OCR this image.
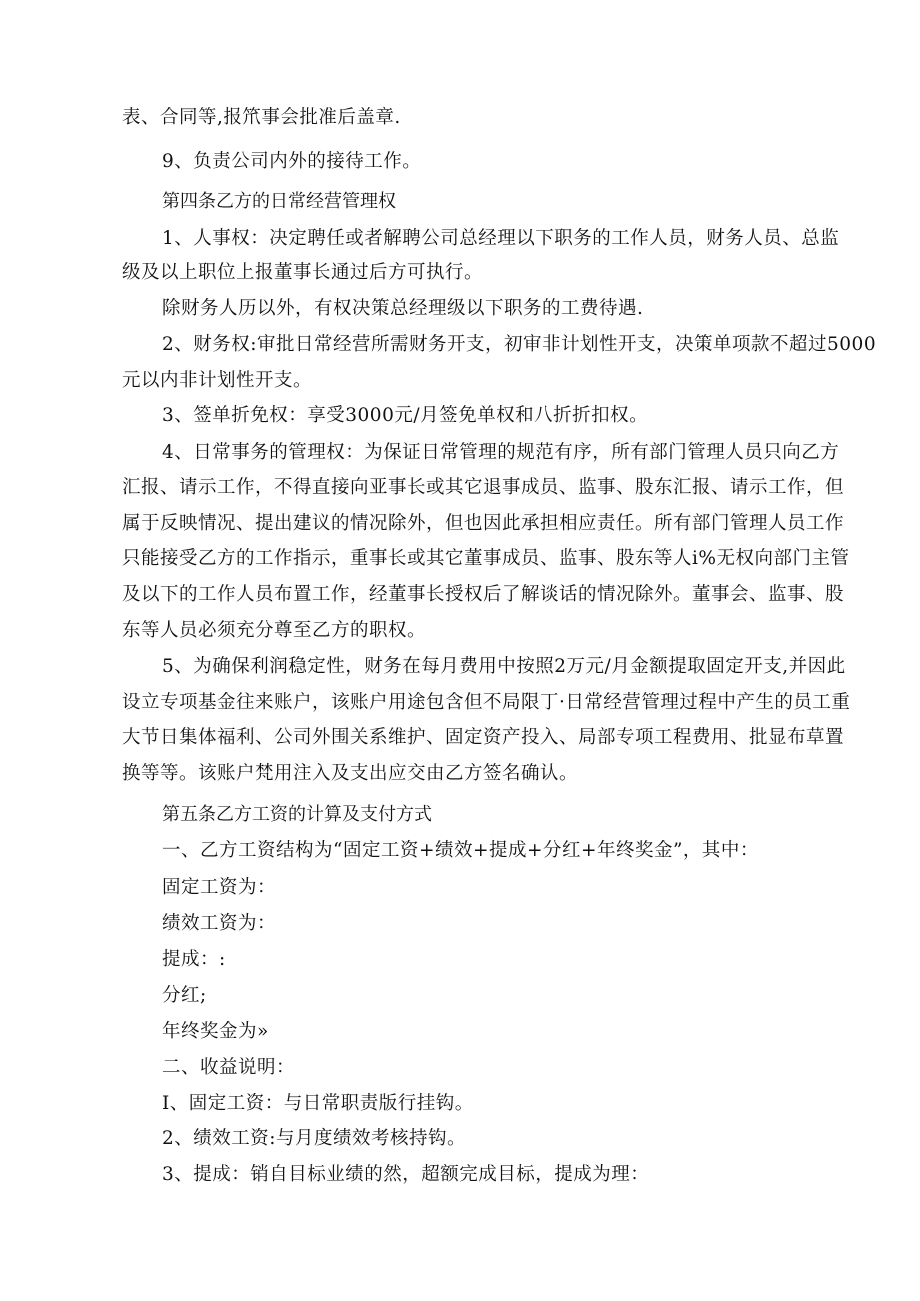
表、合同等,报笊事会批准后盖章.
9、负责公司内外的接待工作。
第四条乙方的日常经营管理权
1、人事权：决定聘任或者解聘公司总经理以下职务的工作人员，财务人员、总监
级及以上职位上报董事长通过后方可执行。
除财务人历以外，有权决策总经理级以下职务的工费待遇.
2、财务权:审批日常经营所需财务开支，初审非计划性开支，决策单项款不超过5000
元以内非计划性开支。
3、签单折免权：享受3000元/月签免单权和八折折扣权。
4、日常事务的管理权：为保证日常管理的规范有序，所有部门管理人员只向乙方
汇报、请示工作，不得直接向亚事长或其它退事成员、监事、股东汇报、请示工作，但
属于反映情况、提出建议的情况除外，但也因此承担相应责任。所有部门管理人员工作
只能接受乙方的工作指示，重事长或其它董事成员、监事、股东等人i%无权向部门主管
及以下的工作人员布置工作，经董事长授权后了解谈话的情况除外。董事会、监事、股
东等人员必须充分尊至乙方的职权。
5、为确保利润稳定性，财务在每月费用中按照2万元/月金额提取固定开支,并因此
设立专项基金往来账户，该账户用途包含但不局限丁·日常经营管理过程中产生的员工重
大节日集体福利、公司外围关系维护、固定资产投入、局部专项工程费用、批显布草置
换等等。该账户梵用注入及支出应交由乙方签名确认。
第五条乙方工资的计算及支付方式
一、乙方工资结构为“固定工资+绩效+提成+分红+年终奖金”，其中：
固定工资为：
绩效工资为：
提成：:
分红;
年终奖金为»
二、收益说明：
I、固定工资：与日常职责版行挂钩。
2、绩效工资:与月度绩效考核持钩。
3、提成：销自目标业绩的然，超额完成目标，提成为理：
